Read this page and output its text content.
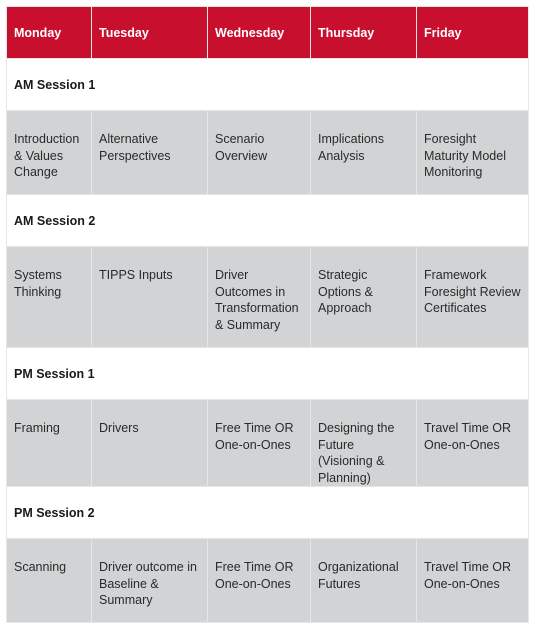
Monday	Tuesday	Wednesday	Thursday	Friday
AM Session 1				
Introduction & Values Change	Alternative Perspectives	Scenario Overview	Implications Analysis	Foresight Maturity Model Monitoring
AM Session 2				
Systems Thinking	TIPPS Inputs	Driver Outcomes in Transformation & Summary	Strategic Options & Approach	Framework Foresight Review Certificates
PM Session 1				
Framing	Drivers	Free Time OR One-on-Ones	Designing the Future (Visioning & Planning)	Travel Time OR One-on-Ones
PM Session 2				
Scanning	Driver outcome in Baseline & Summary	Free Time OR One-on-Ones	Organizational Futures	Travel Time OR One-on-Ones
